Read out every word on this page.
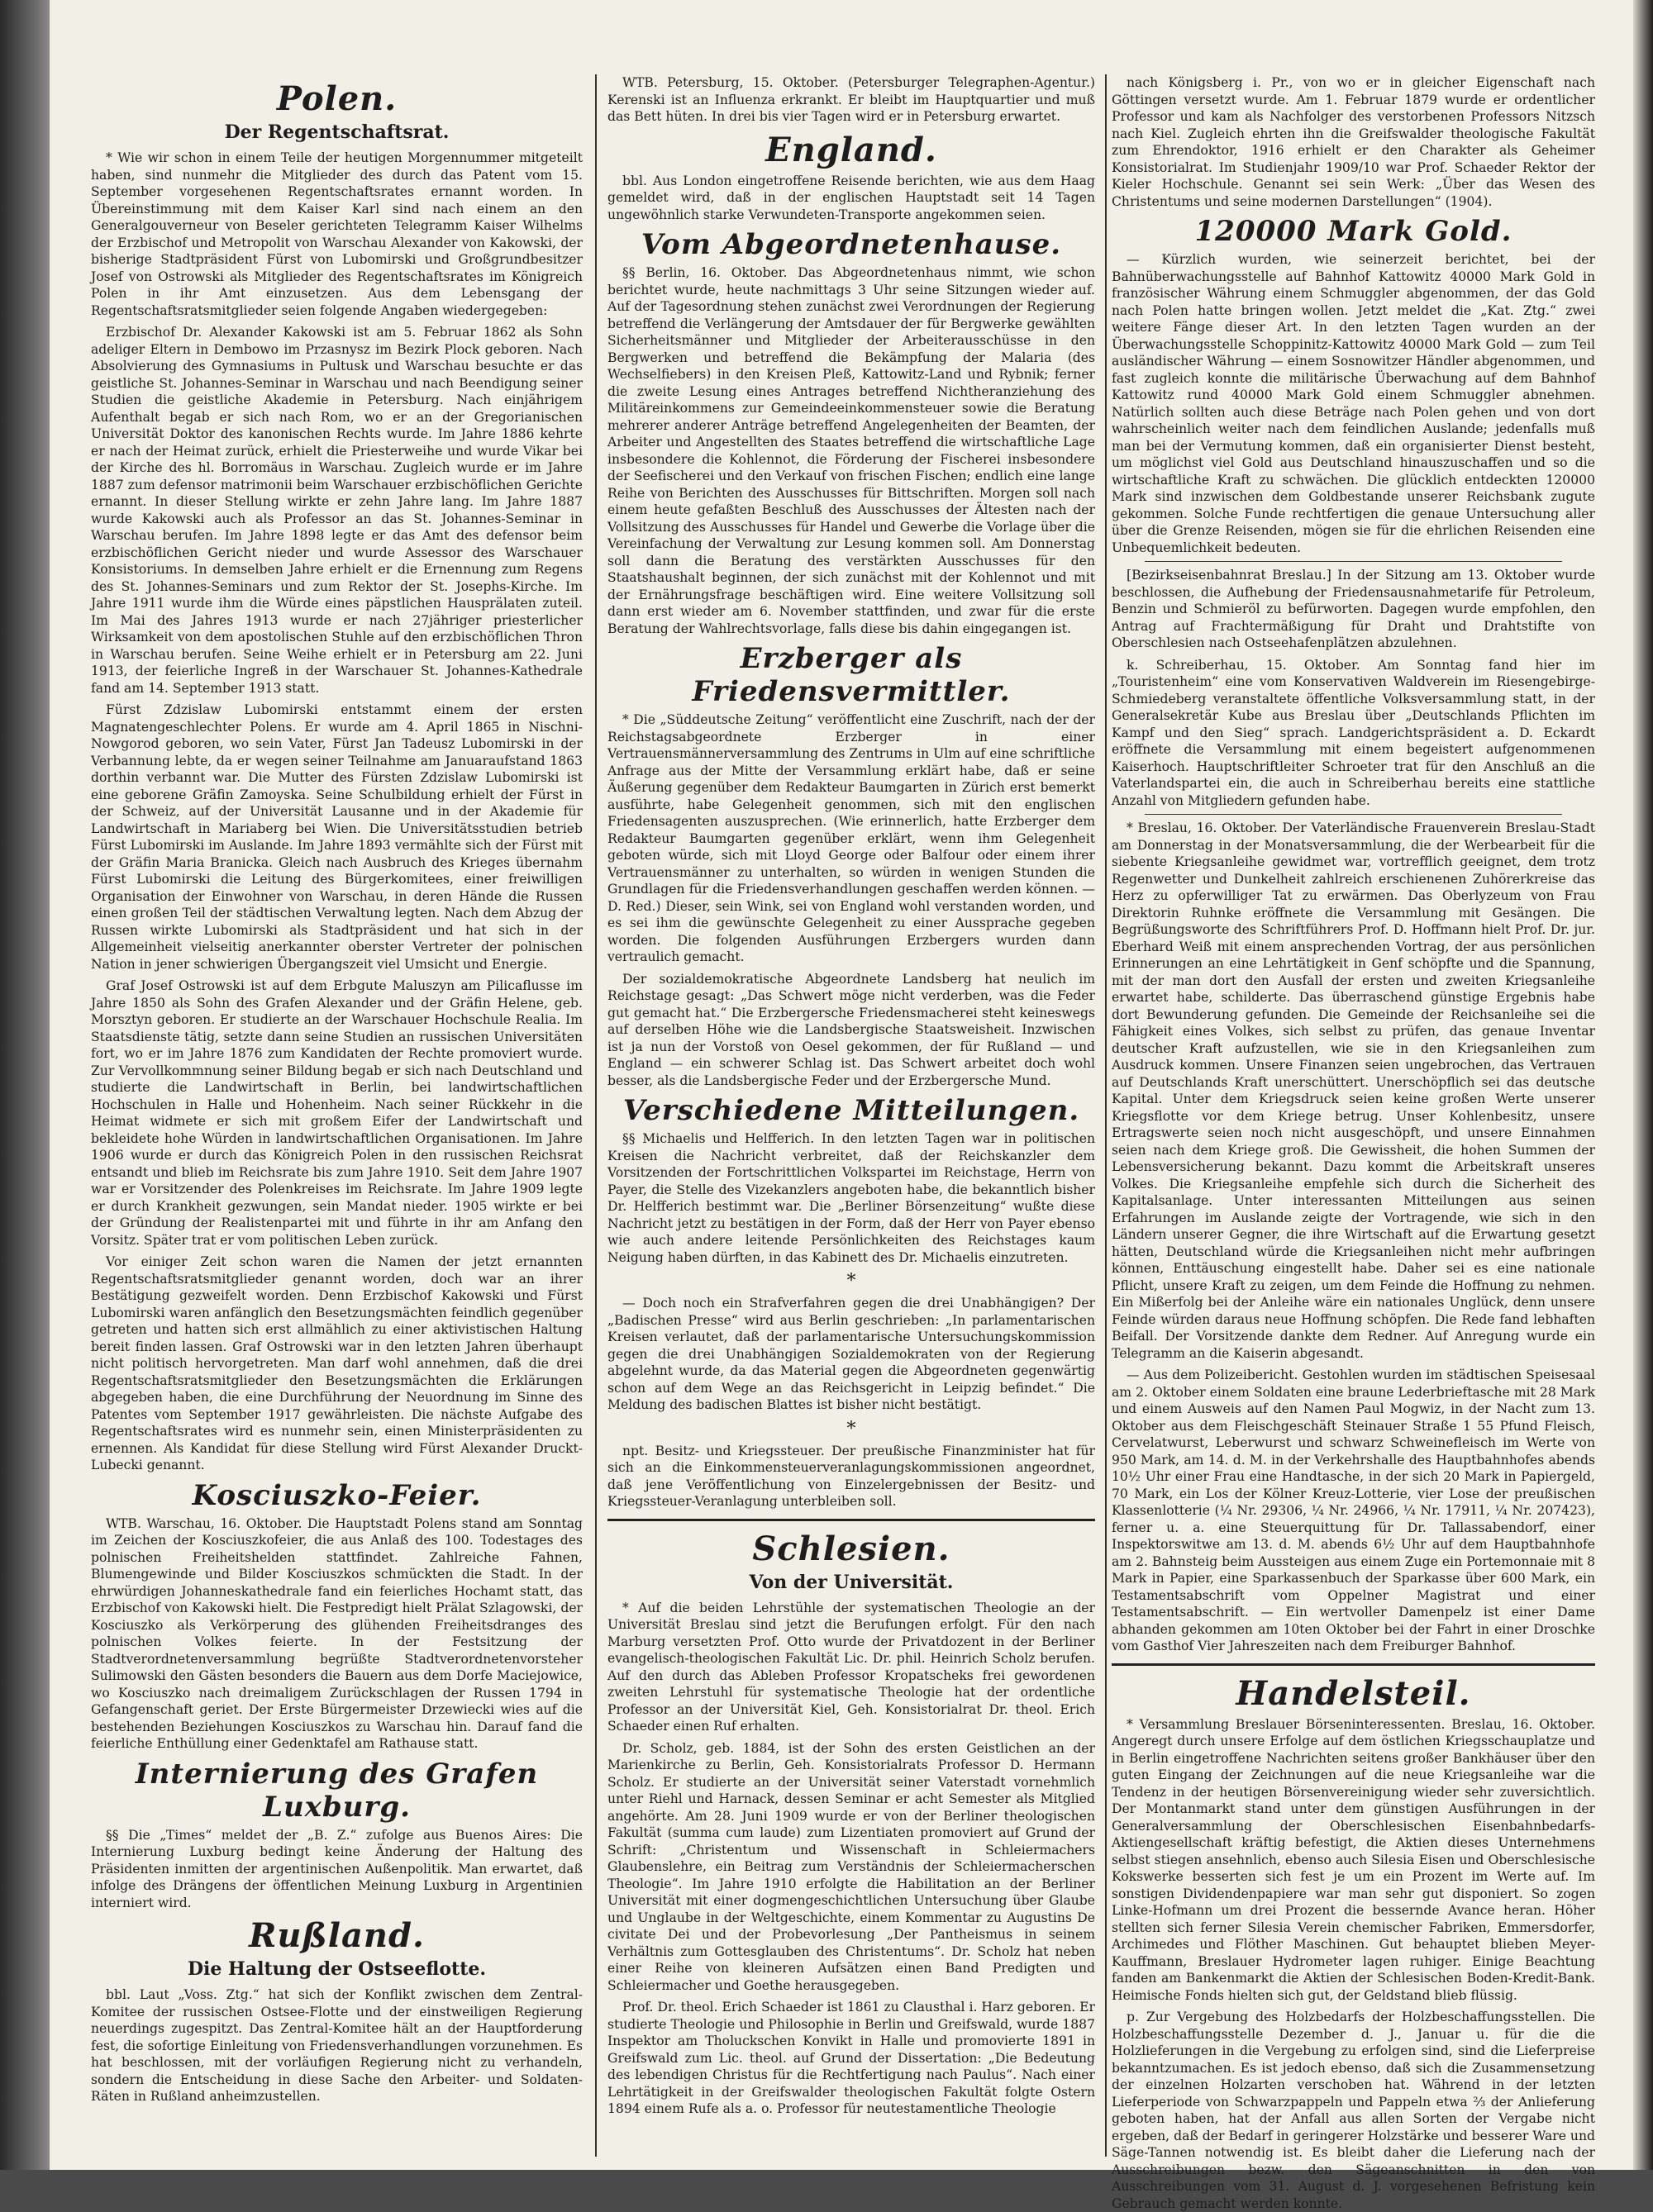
Polen.
Der Regentschaftsrat.

* Wie wir schon in einem Teile der heutigen Morgennummer mitgeteilt haben, sind nunmehr die Mitglieder des durch das Patent vom 15. September vorgesehenen Regentschaftsrates ernannt worden. In Übereinstimmung mit dem Kaiser Karl sind nach einem an den Generalgouverneur von Beseler gerichteten Telegramm Kaiser Wilhelms der Erzbischof und Metropolit von Warschau Alexander von Kakowski, der bisherige Stadtpräsident Fürst von Lubomirski und Großgrundbesitzer Josef von Ostrowski als Mitglieder des Regentschaftsrates im Königreich Polen in ihr Amt einzusetzen. Aus dem Lebensgang der Regentschaftsratsmitglieder seien folgende Angaben wiedergegeben:

Erzbischof Dr. Alexander Kakowski ist am 5. Februar 1862 als Sohn adeliger Eltern in Dembowo im Przasnysz im Bezirk Plock geboren. Nach Absolvierung des Gymnasiums in Pultusk und Warschau besuchte er das geistliche St. Johannes-Seminar in Warschau und nach Beendigung seiner Studien die geistliche Akademie in Petersburg. Nach einjährigem Aufenthalt begab er sich nach Rom, wo er an der Gregorianischen Universität Doktor des kanonischen Rechts wurde. Im Jahre 1886 kehrte er nach der Heimat zurück, erhielt die Priesterweihe und wurde Vikar bei der Kirche des hl. Borromäus in Warschau. Zugleich wurde er im Jahre 1887 zum defensor matrimonii beim Warschauer erzbischöflichen Gerichte ernannt. In dieser Stellung wirkte er zehn Jahre lang. Im Jahre 1887 wurde Kakowski auch als Professor an das St. Johannes-Seminar in Warschau berufen. Im Jahre 1898 legte er das Amt des defensor beim erzbischöflichen Gericht nieder und wurde Assessor des Warschauer Konsistoriums. In demselben Jahre erhielt er die Ernennung zum Regens des St. Johannes-Seminars und zum Rektor der St. Josephs-Kirche. Im Jahre 1911 wurde ihm die Würde eines päpstlichen Hausprälaten zuteil. Im Mai des Jahres 1913 wurde er nach 27jähriger priesterlicher Wirksamkeit von dem apostolischen Stuhle auf den erzbischöflichen Thron in Warschau berufen. Seine Weihe erhielt er in Petersburg am 22. Juni 1913, der feierliche Ingreß in der Warschauer St. Johannes-Kathedrale fand am 14. September 1913 statt.

Fürst Zdzislaw Lubomirski entstammt einem der ersten Magnatengeschlechter Polens. Er wurde am 4. April 1865 in Nischni-Nowgorod geboren, wo sein Vater, Fürst Jan Tadeusz Lubomirski in der Verbannung lebte, da er wegen seiner Teilnahme am Januaraufstand 1863 dorthin verbannt war. Die Mutter des Fürsten Zdzislaw Lubomirski ist eine geborene Gräfin Zamoyska. Seine Schulbildung erhielt der Fürst in der Schweiz, auf der Universität Lausanne und in der Akademie für Landwirtschaft in Mariaberg bei Wien. Die Universitätsstudien betrieb Fürst Lubomirski im Auslande. Im Jahre 1893 vermählte sich der Fürst mit der Gräfin Maria Branicka. Gleich nach Ausbruch des Krieges übernahm Fürst Lubomirski die Leitung des Bürgerkomitees, einer freiwilligen Organisation der Einwohner von Warschau, in deren Hände die Russen einen großen Teil der städtischen Verwaltung legten. Nach dem Abzug der Russen wirkte Lubomirski als Stadtpräsident und hat sich in der Allgemeinheit vielseitig anerkannter oberster Vertreter der polnischen Nation in jener schwierigen Übergangszeit viel Umsicht und Energie.

Graf Josef Ostrowski ist auf dem Erbgute Maluszyn am Pilicaflusse im Jahre 1850 als Sohn des Grafen Alexander und der Gräfin Helene, geb. Morsztyn geboren. Er studierte an der Warschauer Hochschule Realia. Im Staatsdienste tätig, setzte dann seine Studien an russischen Universitäten fort, wo er im Jahre 1876 zum Kandidaten der Rechte promoviert wurde. Zur Vervollkommnung seiner Bildung begab er sich nach Deutschland und studierte die Landwirtschaft in Berlin, bei landwirtschaftlichen Hochschulen in Halle und Hohenheim. Nach seiner Rückkehr in die Heimat widmete er sich mit großem Eifer der Landwirtschaft und bekleidete hohe Würden in landwirtschaftlichen Organisationen. Im Jahre 1906 wurde er durch das Königreich Polen in den russischen Reichsrat entsandt und blieb im Reichsrate bis zum Jahre 1910. Seit dem Jahre 1907 war er Vorsitzender des Polenkreises im Reichsrate. Im Jahre 1909 legte er durch Krankheit gezwungen, sein Mandat nieder. 1905 wirkte er bei der Gründung der Realistenpartei mit und führte in ihr am Anfang den Vorsitz. Später trat er vom politischen Leben zurück.

Vor einiger Zeit schon waren die Namen der jetzt ernannten Regentschaftsratsmitglieder genannt worden, doch war an ihrer Bestätigung gezweifelt worden. Denn Erzbischof Kakowski und Fürst Lubomirski waren anfänglich den Besetzungsmächten feindlich gegenüber getreten und hatten sich erst allmählich zu einer aktivistischen Haltung bereit finden lassen. Graf Ostrowski war in den letzten Jahren überhaupt nicht politisch hervorgetreten. Man darf wohl annehmen, daß die drei Regentschaftsratsmitglieder den Besetzungsmächten die Erklärungen abgegeben haben, die eine Durchführung der Neuordnung im Sinne des Patentes vom September 1917 gewährleisten. Die nächste Aufgabe des Regentschaftsrates wird es nunmehr sein, einen Ministerpräsidenten zu ernennen. Als Kandidat für diese Stellung wird Fürst Alexander Druckt-Lubecki genannt.

Kosciuszko-Feier.

WTB. Warschau, 16. Oktober. Die Hauptstadt Polens stand am Sonntag im Zeichen der Kosciuszkofeier, die aus Anlaß des 100. Todestages des polnischen Freiheitshelden stattfindet. Zahlreiche Fahnen, Blumengewinde und Bilder Kosciuszkos schmückten die Stadt. In der ehrwürdigen Johanneskathedrale fand ein feierliches Hochamt statt, das Erzbischof von Kakowski hielt. Die Festpredigt hielt Prälat Szlagowski, der Kosciuszko als Verkörperung des glühenden Freiheitsdranges des polnischen Volkes feierte. In der Festsitzung der Stadtverordnetenversammlung begrüßte Stadtverordnetenvorsteher Sulimowski den Gästen besonders die Bauern aus dem Dorfe Maciejowice, wo Kosciuszko nach dreimaligem Zurückschlagen der Russen 1794 in Gefangenschaft geriet. Der Erste Bürgermeister Drzewiecki wies auf die bestehenden Beziehungen Kosciuszkos zu Warschau hin. Darauf fand die feierliche Enthüllung einer Gedenktafel am Rathause statt.

Internierung des Grafen Luxburg.

§§ Die „Times“ meldet der „B. Z.“ zufolge aus Buenos Aires: Die Internierung Luxburg bedingt keine Änderung der Haltung des Präsidenten inmitten der argentinischen Außenpolitik. Man erwartet, daß infolge des Drängens der öffentlichen Meinung Luxburg in Argentinien interniert wird.

Rußland.
Die Haltung der Ostseeflotte.

bbl. Laut „Voss. Ztg.“ hat sich der Konflikt zwischen dem Zentral-Komitee der russischen Ostsee-Flotte und der einstweiligen Regierung neuerdings zugespitzt. Das Zentral-Komitee hält an der Hauptforderung fest, die sofortige Einleitung von Friedensverhandlungen vorzunehmen. Es hat beschlossen, mit der vorläufigen Regierung nicht zu verhandeln, sondern die Entscheidung in diese Sache den Arbeiter- und Soldaten-Räten in Rußland anheimzustellen.

WTB. Petersburg, 15. Oktober. (Petersburger Telegraphen-Agentur.) Kerenski ist an Influenza erkrankt. Er bleibt im Hauptquartier und muß das Bett hüten. In drei bis vier Tagen wird er in Petersburg erwartet.

England.

bbl. Aus London eingetroffene Reisende berichten, wie aus dem Haag gemeldet wird, daß in der englischen Hauptstadt seit 14 Tagen ungewöhnlich starke Verwundeten-Transporte angekommen seien.

Vom Abgeordnetenhause.

§§ Berlin, 16. Oktober. Das Abgeordnetenhaus nimmt, wie schon berichtet wurde, heute nachmittags 3 Uhr seine Sitzungen wieder auf. Auf der Tagesordnung stehen zunächst zwei Verordnungen der Regierung betreffend die Verlängerung der Amtsdauer der für Bergwerke gewählten Sicherheitsmänner und Mitglieder der Arbeiterausschüsse in den Bergwerken und betreffend die Bekämpfung der Malaria (des Wechselfiebers) in den Kreisen Pleß, Kattowitz-Land und Rybnik; ferner die zweite Lesung eines Antrages betreffend Nichtheranziehung des Militäreinkommens zur Gemeindeeinkommensteuer sowie die Beratung mehrerer anderer Anträge betreffend Angelegenheiten der Beamten, der Arbeiter und Angestellten des Staates betreffend die wirtschaftliche Lage insbesondere die Kohlennot, die Förderung der Fischerei insbesondere der Seefischerei und den Verkauf von frischen Fischen; endlich eine lange Reihe von Berichten des Ausschusses für Bittschriften. Morgen soll nach einem heute gefaßten Beschluß des Ausschusses der Ältesten nach der Vollsitzung des Ausschusses für Handel und Gewerbe die Vorlage über die Vereinfachung der Verwaltung zur Lesung kommen soll. Am Donnerstag soll dann die Beratung des verstärkten Ausschusses für den Staatshaushalt beginnen, der sich zunächst mit der Kohlennot und mit der Ernährungsfrage beschäftigen wird. Eine weitere Vollsitzung soll dann erst wieder am 6. November stattfinden, und zwar für die erste Beratung der Wahlrechtsvorlage, falls diese bis dahin eingegangen ist.

Erzberger als Friedensvermittler.

* Die „Süddeutsche Zeitung“ veröffentlicht eine Zuschrift, nach der der Reichstagsabgeordnete Erzberger in einer Vertrauensmännerversammlung des Zentrums in Ulm auf eine schriftliche Anfrage aus der Mitte der Versammlung erklärt habe, daß er seine Äußerung gegenüber dem Redakteur Baumgarten in Zürich erst bemerkt ausführte, habe Gelegenheit genommen, sich mit den englischen Friedensagenten auszusprechen. (Wie erinnerlich, hatte Erzberger dem Redakteur Baumgarten gegenüber erklärt, wenn ihm Gelegenheit geboten würde, sich mit Lloyd George oder Balfour oder einem ihrer Vertrauensmänner zu unterhalten, so würden in wenigen Stunden die Grundlagen für die Friedensverhandlungen geschaffen werden können. — D. Red.) Dieser, sein Wink, sei von England wohl verstanden worden, und es sei ihm die gewünschte Gelegenheit zu einer Aussprache gegeben worden. Die folgenden Ausführungen Erzbergers wurden dann vertraulich gemacht.

Der sozialdemokratische Abgeordnete Landsberg hat neulich im Reichstage gesagt: „Das Schwert möge nicht verderben, was die Feder gut gemacht hat.“ Die Erzbergersche Friedensmacherei steht keineswegs auf derselben Höhe wie die Landsbergische Staatsweisheit. Inzwischen ist ja nun der Vorstoß von Oesel gekommen, der für Rußland — und England — ein schwerer Schlag ist. Das Schwert arbeitet doch wohl besser, als die Landsbergische Feder und der Erzbergersche Mund.

Verschiedene Mitteilungen.

§§ Michaelis und Helfferich. In den letzten Tagen war in politischen Kreisen die Nachricht verbreitet, daß der Reichskanzler dem Vorsitzenden der Fortschrittlichen Volkspartei im Reichstage, Herrn von Payer, die Stelle des Vizekanzlers angeboten habe, die bekanntlich bisher Dr. Helfferich bestimmt war. Die „Berliner Börsenzeitung“ wußte diese Nachricht jetzt zu bestätigen in der Form, daß der Herr von Payer ebenso wie auch andere leitende Persönlichkeiten des Reichstages kaum Neigung haben dürften, in das Kabinett des Dr. Michaelis einzutreten.

*

— Doch noch ein Strafverfahren gegen die drei Unabhängigen? Der „Badischen Presse“ wird aus Berlin geschrieben: „In parlamentarischen Kreisen verlautet, daß der parlamentarische Untersuchungskommission gegen die drei Unabhängigen Sozialdemokraten von der Regierung abgelehnt wurde, da das Material gegen die Abgeordneten gegenwärtig schon auf dem Wege an das Reichsgericht in Leipzig befindet.“ Die Meldung des badischen Blattes ist bisher nicht bestätigt.

*

npt. Besitz- und Kriegssteuer. Der preußische Finanzminister hat für sich an die Einkommensteuerveranlagungskommissionen angeordnet, daß jene Veröffentlichung von Einzelergebnissen der Besitz- und Kriegssteuer-Veranlagung unterbleiben soll.

Schlesien.
Von der Universität.

* Auf die beiden Lehrstühle der systematischen Theologie an der Universität Breslau sind jetzt die Berufungen erfolgt. Für den nach Marburg versetzten Prof. Otto wurde der Privatdozent in der Berliner evangelisch-theologischen Fakultät Lic. Dr. phil. Heinrich Scholz berufen. Auf den durch das Ableben Professor Kropatscheks frei gewordenen zweiten Lehrstuhl für systematische Theologie hat der ordentliche Professor an der Universität Kiel, Geh. Konsistorialrat Dr. theol. Erich Schaeder einen Ruf erhalten.

Dr. Scholz, geb. 1884, ist der Sohn des ersten Geistlichen an der Marienkirche zu Berlin, Geh. Konsistorialrats Professor D. Hermann Scholz. Er studierte an der Universität seiner Vaterstadt vornehmlich unter Riehl und Harnack, dessen Seminar er acht Semester als Mitglied angehörte. Am 28. Juni 1909 wurde er von der Berliner theologischen Fakultät (summa cum laude) zum Lizentiaten promoviert auf Grund der Schrift: „Christentum und Wissenschaft in Schleiermachers Glaubenslehre, ein Beitrag zum Verständnis der Schleiermacherschen Theologie“. Im Jahre 1910 erfolgte die Habilitation an der Berliner Universität mit einer dogmengeschichtlichen Untersuchung über Glaube und Unglaube in der Weltgeschichte, einem Kommentar zu Augustins De civitate Dei und der Probevorlesung „Der Pantheismus in seinem Verhältnis zum Gottesglauben des Christentums“. Dr. Scholz hat neben einer Reihe von kleineren Aufsätzen einen Band Predigten und Schleiermacher und Goethe herausgegeben.

Prof. Dr. theol. Erich Schaeder ist 1861 zu Clausthal i. Harz geboren. Er studierte Theologie und Philosophie in Berlin und Greifswald, wurde 1887 Inspektor am Tholuckschen Konvikt in Halle und promovierte 1891 in Greifswald zum Lic. theol. auf Grund der Dissertation: „Die Bedeutung des lebendigen Christus für die Rechtfertigung nach Paulus“. Nach einer Lehrtätigkeit in der Greifswalder theologischen Fakultät folgte Ostern 1894 einem Rufe als a. o. Professor für neutestamentliche Theologie

nach Königsberg i. Pr., von wo er in gleicher Eigenschaft nach Göttingen versetzt wurde. Am 1. Februar 1879 wurde er ordentlicher Professor und kam als Nachfolger des verstorbenen Professors Nitzsch nach Kiel. Zugleich ehrten ihn die Greifswalder theologische Fakultät zum Ehrendoktor, 1916 erhielt er den Charakter als Geheimer Konsistorialrat. Im Studienjahr 1909/10 war Prof. Schaeder Rektor der Kieler Hochschule. Genannt sei sein Werk: „Über das Wesen des Christentums und seine modernen Darstellungen“ (1904).

120000 Mark Gold.

— Kürzlich wurden, wie seinerzeit berichtet, bei der Bahnüberwachungsstelle auf Bahnhof Kattowitz 40000 Mark Gold in französischer Währung einem Schmuggler abgenommen, der das Gold nach Polen hatte bringen wollen. Jetzt meldet die „Kat. Ztg.“ zwei weitere Fänge dieser Art. In den letzten Tagen wurden an der Überwachungsstelle Schoppinitz-Kattowitz 40000 Mark Gold — zum Teil ausländischer Währung — einem Sosnowitzer Händler abgenommen, und fast zugleich konnte die militärische Überwachung auf dem Bahnhof Kattowitz rund 40000 Mark Gold einem Schmuggler abnehmen. Natürlich sollten auch diese Beträge nach Polen gehen und von dort wahrscheinlich weiter nach dem feindlichen Auslande; jedenfalls muß man bei der Vermutung kommen, daß ein organisierter Dienst besteht, um möglichst viel Gold aus Deutschland hinauszuschaffen und so die wirtschaftliche Kraft zu schwächen. Die glücklich entdeckten 120000 Mark sind inzwischen dem Goldbestande unserer Reichsbank zugute gekommen. Solche Funde rechtfertigen die genaue Untersuchung aller über die Grenze Reisenden, mögen sie für die ehrlichen Reisenden eine Unbequemlichkeit bedeuten.

[Bezirkseisenbahnrat Breslau.] In der Sitzung am 13. Oktober wurde beschlossen, die Aufhebung der Friedensausnahmetarife für Petroleum, Benzin und Schmieröl zu befürworten. Dagegen wurde empfohlen, den Antrag auf Frachtermäßigung für Draht und Drahtstifte von Oberschlesien nach Ostseehafenplätzen abzulehnen.

k. Schreiberhau, 15. Oktober. Am Sonntag fand hier im „Touristenheim“ eine vom Konservativen Waldverein im Riesengebirge-Schmiedeberg veranstaltete öffentliche Volksversammlung statt, in der Generalsekretär Kube aus Breslau über „Deutschlands Pflichten im Kampf und den Sieg“ sprach. Landgerichtspräsident a. D. Eckardt eröffnete die Versammlung mit einem begeistert aufgenommenen Kaiserhoch. Hauptschriftleiter Schroeter trat für den Anschluß an die Vaterlandspartei ein, die auch in Schreiberhau bereits eine stattliche Anzahl von Mitgliedern gefunden habe.

* Breslau, 16. Oktober. Der Vaterländische Frauenverein Breslau-Stadt am Donnerstag in der Monatsversammlung, die der Werbearbeit für die siebente Kriegsanleihe gewidmet war, vortrefflich geeignet, dem trotz Regenwetter und Dunkelheit zahlreich erschienenen Zuhörerkreise das Herz zu opferwilliger Tat zu erwärmen. Das Oberlyzeum von Frau Direktorin Ruhnke eröffnete die Versammlung mit Gesängen. Die Begrüßungsworte des Schriftführers Prof. D. Hoffmann hielt Prof. Dr. jur. Eberhard Weiß mit einem ansprechenden Vortrag, der aus persönlichen Erinnerungen an eine Lehrtätigkeit in Genf schöpfte und die Spannung, mit der man dort den Ausfall der ersten und zweiten Kriegsanleihe erwartet habe, schilderte. Das überraschend günstige Ergebnis habe dort Bewunderung gefunden. Die Gemeinde der Reichsanleihe sei die Fähigkeit eines Volkes, sich selbst zu prüfen, das genaue Inventar deutscher Kraft aufzustellen, wie sie in den Kriegsanleihen zum Ausdruck kommen. Unsere Finanzen seien ungebrochen, das Vertrauen auf Deutschlands Kraft unerschüttert. Unerschöpflich sei das deutsche Kapital. Unter dem Kriegsdruck seien keine großen Werte unserer Kriegsflotte vor dem Kriege betrug. Unser Kohlenbesitz, unsere Ertragswerte seien noch nicht ausgeschöpft, und unsere Einnahmen seien nach dem Kriege groß. Die Gewissheit, die hohen Summen der Lebensversicherung bekannt. Dazu kommt die Arbeitskraft unseres Volkes. Die Kriegsanleihe empfehle sich durch die Sicherheit des Kapitalsanlage. Unter interessanten Mitteilungen aus seinen Erfahrungen im Auslande zeigte der Vortragende, wie sich in den Ländern unserer Gegner, die ihre Wirtschaft auf die Erwartung gesetzt hätten, Deutschland würde die Kriegsanleihen nicht mehr aufbringen können, Enttäuschung eingestellt habe. Daher sei es eine nationale Pflicht, unsere Kraft zu zeigen, um dem Feinde die Hoffnung zu nehmen. Ein Mißerfolg bei der Anleihe wäre ein nationales Unglück, denn unsere Feinde würden daraus neue Hoffnung schöpfen. Die Rede fand lebhaften Beifall. Der Vorsitzende dankte dem Redner. Auf Anregung wurde ein Telegramm an die Kaiserin abgesandt.

— Aus dem Polizeibericht. Gestohlen wurden im städtischen Speisesaal am 2. Oktober einem Soldaten eine braune Lederbrieftasche mit 28 Mark und einem Ausweis auf den Namen Paul Mogwiz, in der Nacht zum 13. Oktober aus dem Fleischgeschäft Steinauer Straße 1 55 Pfund Fleisch, Cervelatwurst, Leberwurst und schwarz Schweinefleisch im Werte von 950 Mark, am 14. d. M. in der Verkehrshalle des Hauptbahnhofes abends 10½ Uhr einer Frau eine Handtasche, in der sich 20 Mark in Papiergeld, 70 Mark, ein Los der Kölner Kreuz-Lotterie, vier Lose der preußischen Klassenlotterie (¼ Nr. 29306, ¼ Nr. 24966, ¼ Nr. 17911, ¼ Nr. 207423), ferner u. a. eine Steuerquittung für Dr. Tallassabendorf, einer Inspektorswitwe am 13. d. M. abends 6½ Uhr auf dem Hauptbahnhofe am 2. Bahnsteig beim Aussteigen aus einem Zuge ein Portemonnaie mit 8 Mark in Papier, eine Sparkassenbuch der Sparkasse über 600 Mark, ein Testamentsabschrift vom Oppelner Magistrat und einer Testamentsabschrift. — Ein wertvoller Damenpelz ist einer Dame abhanden gekommen am 10ten Oktober bei der Fahrt in einer Droschke vom Gasthof Vier Jahreszeiten nach dem Freiburger Bahnhof.

Handelsteil.

* Versammlung Breslauer Börseninteressenten. Breslau, 16. Oktober. Angeregt durch unsere Erfolge auf dem östlichen Kriegsschauplatze und in Berlin eingetroffene Nachrichten seitens großer Bankhäuser über den guten Eingang der Zeichnungen auf die neue Kriegsanleihe war die Tendenz in der heutigen Börsenvereinigung wieder sehr zuversichtlich. Der Montanmarkt stand unter dem günstigen Ausführungen in der Generalversammlung der Oberschlesischen Eisenbahnbedarfs-Aktiengesellschaft kräftig befestigt, die Aktien dieses Unternehmens selbst stiegen ansehnlich, ebenso auch Silesia Eisen und Oberschlesische Kokswerke besserten sich fest je um ein Prozent im Werte auf. Im sonstigen Dividendenpapiere war man sehr gut disponiert. So zogen Linke-Hofmann um drei Prozent die bessernde Avance heran. Höher stellten sich ferner Silesia Verein chemischer Fabriken, Emmersdorfer, Archimedes und Flöther Maschinen. Gut behauptet blieben Meyer-Kauffmann, Breslauer Hydrometer lagen ruhiger. Einige Beachtung fanden am Bankenmarkt die Aktien der Schlesischen Boden-Kredit-Bank. Heimische Fonds hielten sich gut, der Geldstand blieb flüssig.

p. Zur Vergebung des Holzbedarfs der Holzbeschaffungsstellen. Die Holzbeschaffungsstelle Dezember d. J., Januar u. für die die Holzlieferungen in die Vergebung zu erfolgen sind, sind die Lieferpreise bekanntzumachen. Es ist jedoch ebenso, daß sich die Zusammensetzung der einzelnen Holzarten verschoben hat. Während in der letzten Lieferperiode von Schwarzpappeln und Pappeln etwa ⅔ der Anlieferung geboten haben, hat der Anfall aus allen Sorten der Vergabe nicht ergeben, daß der Bedarf in geringerer Holzstärke und besserer Ware und Säge-Tannen notwendig ist. Es bleibt daher die Lieferung nach der Ausschreibungen bezw. den Sägeanschnitten in den von Ausschreibungen vom 31. August d. J. vorgesehenen Befristung kein Gebrauch gemacht werden konnte.
